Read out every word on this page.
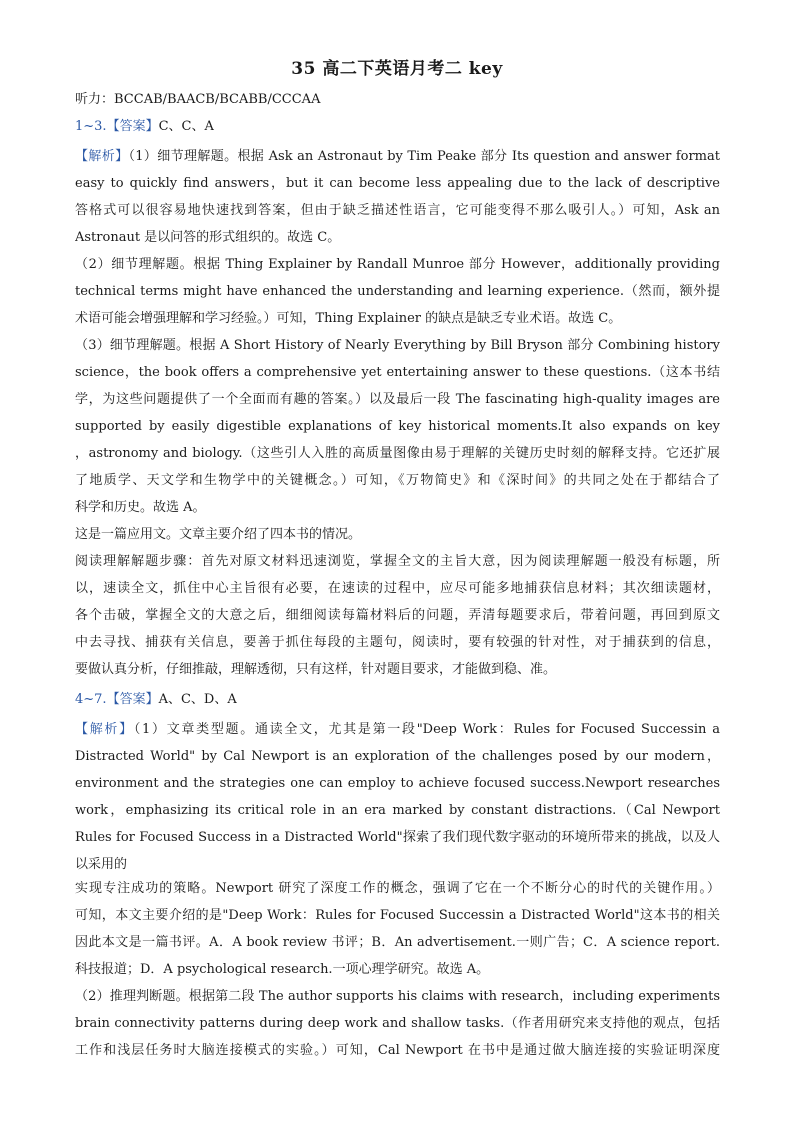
35 高二下英语月考二 key
听力：BCCAB/BAACB/BCABB/CCCAA
1~3.【答案】C、C、A
【解析】（1）细节理解题。根据 Ask an Astronaut by Tim Peake 部分 Its question and answer format
easy to quickly find answers，but it can become less appealing due to the lack of descriptive
答格式可以很容易地快速找到答案，但由于缺乏描述性语言，它可能变得不那么吸引人。）可知，Ask an
Astronaut 是以问答的形式组织的。故选 C。
（2）细节理解题。根据 Thing Explainer by Randall Munroe 部分 However，additionally providing
technical terms might have enhanced the understanding and learning experience.（然而，额外提
术语可能会增强理解和学习经验。）可知，Thing Explainer 的缺点是缺乏专业术语。故选 C。
（3）细节理解题。根据 A Short History of Nearly Everything by Bill Bryson 部分 Combining history
science，the book offers a comprehensive yet entertaining answer to these questions.（这本书结
学，为这些问题提供了一个全面而有趣的答案。）以及最后一段 The fascinating high-quality images are
supported by easily digestible explanations of key historical moments.It also expands on key
，astronomy and biology.（这些引人入胜的高质量图像由易于理解的关键历史时刻的解释支持。它还扩展
了地质学、天文学和生物学中的关键概念。）可知，《万物简史》和《深时间》的共同之处在于都结合了
科学和历史。故选 A。
这是一篇应用文。文章主要介绍了四本书的情况。
阅读理解解题步骤：首先对原文材料迅速浏览，掌握全文的主旨大意，因为阅读理解题一般没有标题，所
以，速读全文，抓住中心主旨很有必要，在速读的过程中，应尽可能多地捕获信息材料；其次细读题材，
各个击破，掌握全文的大意之后，细细阅读每篇材料后的问题，弄清每题要求后，带着问题，再回到原文
中去寻找、捕获有关信息，要善于抓住每段的主题句，阅读时，要有较强的针对性，对于捕获到的信息，
要做认真分析，仔细推敲，理解透彻，只有这样，针对题目要求，才能做到稳、准。
4~7.【答案】A、C、D、A
【解析】（1）文章类型题。通读全文，尤其是第一段"Deep Work：Rules for Focused Successin a
Distracted World" by Cal Newport is an exploration of the challenges posed by our modern，
environment and the strategies one can employ to achieve focused success.Newport researches
work，emphasizing its critical role in an era marked by constant distractions.（Cal Newport
Rules for Focused Success in a Distracted World"探索了我们现代数字驱动的环境所带来的挑战，以及人
以采用的
实现专注成功的策略。Newport 研究了深度工作的概念，强调了它在一个不断分心的时代的关键作用。）
可知，本文主要介绍的是"Deep Work：Rules for Focused Successin a Distracted World"这本书的相关
因此本文是一篇书评。A．A book review 书评；B．An advertisement.一则广告；C．A science report.
科技报道；D．A psychological research.一项心理学研究。故选 A。
（2）推理判断题。根据第二段 The author supports his claims with research，including experiments
brain connectivity patterns during deep work and shallow tasks.（作者用研究来支持他的观点，包括
工作和浅层任务时大脑连接模式的实验。）可知，Cal Newport 在书中是通过做大脑连接的实验证明深度
